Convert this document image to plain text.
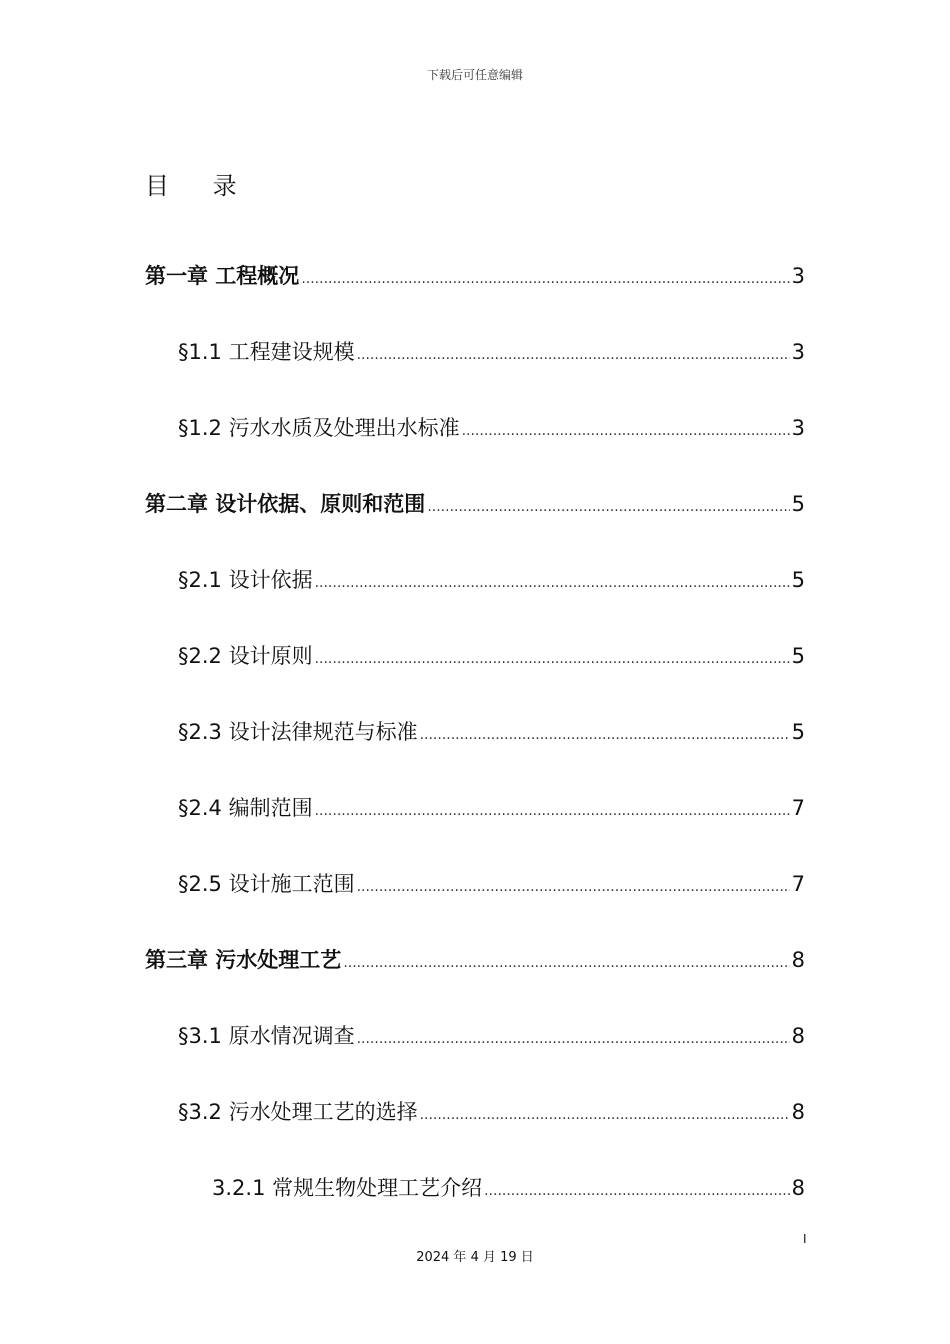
下载后可任意编辑
目 录
第一章 工程概况 .....	3
§1.1 工程建设规模 .....	3
§1.2 污水水质及处理出水标准 .....	3
第二章 设计依据、原则和范围 .....	5
§2.1 设计依据 .....	5
§2.2 设计原则 .....	5
§2.3 设计法律规范与标准 .....	5
§2.4 编制范围 .....	7
§2.5 设计施工范围 .....	7
第三章 污水处理工艺 .....	8
§3.1 原水情况调查 .....	8
§3.2 污水处理工艺的选择 .....	8
3.2.1 常规生物处理工艺介绍 .....	8
I
2024 年 4 月 19 日
